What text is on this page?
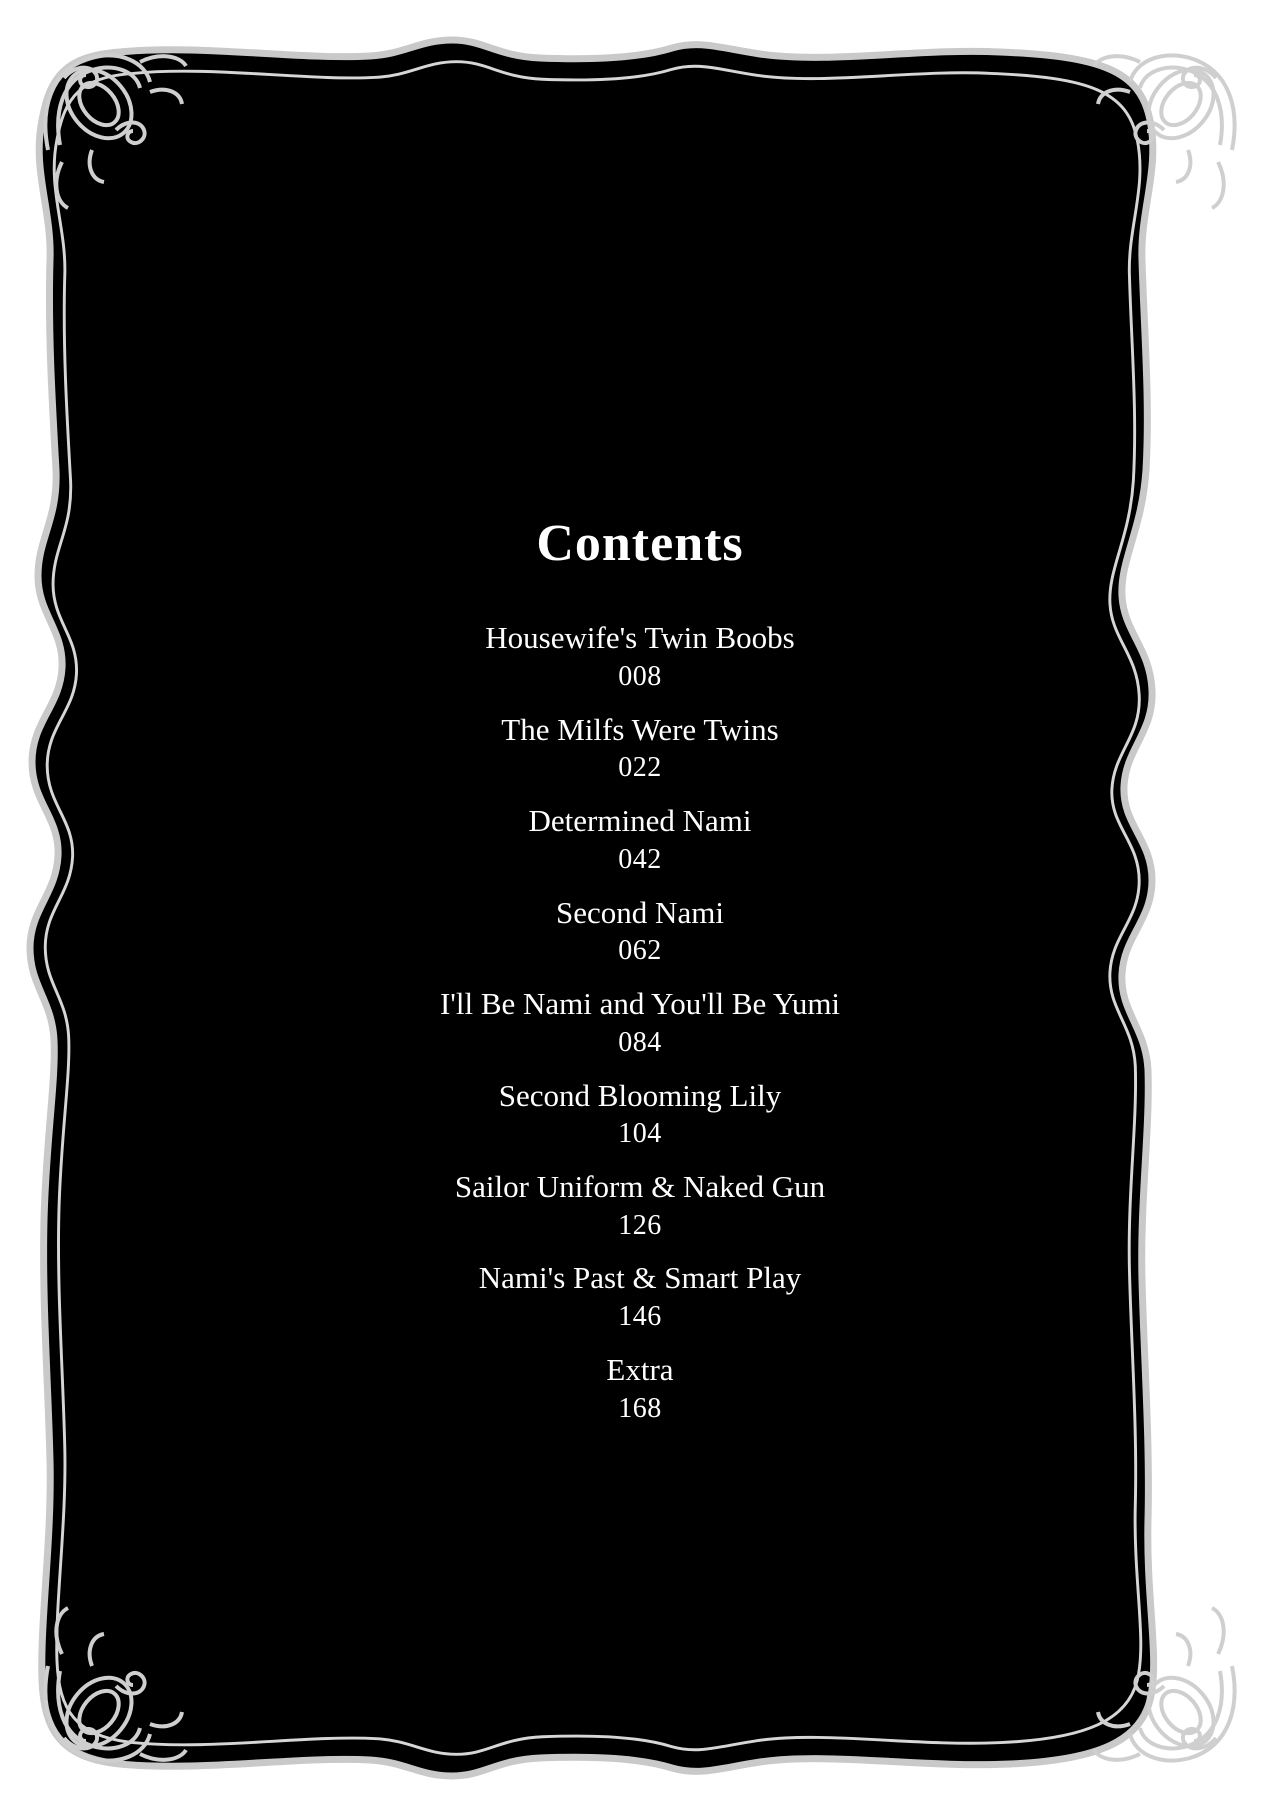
Contents
Housewife's Twin Boobs
008
The Milfs Were Twins
022
Determined Nami
042
Second Nami
062
I'll Be Nami and You'll Be Yumi
084
Second Blooming Lily
104
Sailor Uniform & Naked Gun
126
Nami's Past & Smart Play
146
Extra
168
